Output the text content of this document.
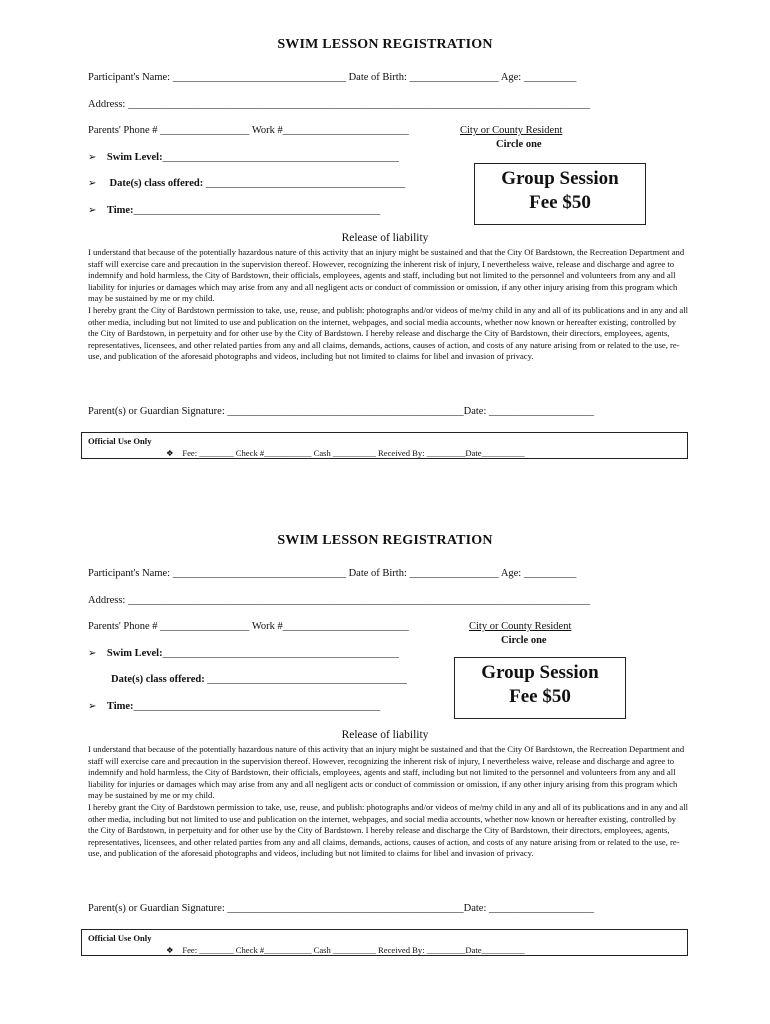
SWIM LESSON REGISTRATION
Participant's Name: _________________________________ Date of Birth: _________________ Age: __________
Address: ________________________________________________________________________________________
Parents' Phone # _________________ Work #________________________	City or County Resident
Circle one
➢ Swim Level:_____________________________________________
➢ Date(s) class offered: ______________________________________
➢ Time:_______________________________________________
Group Session
Fee $50
Release of liability

I understand that because of the potentially hazardous nature of this activity that an injury might be sustained and that the City Of Bardstown, the Recreation Department and staff will exercise care and precaution in the supervision thereof. However, recognizing the inherent risk of injury, I nevertheless waive, release and discharge and agree to indemnify and hold harmless, the City of Bardstown, their officials, employees, agents and staff, including but not limited to the personnel and volunteers from any and all liability for injuries or damages which may arise from any and all negligent acts or conduct of commission or omission, if any other injury arising from this program which may be sustained by me or my child.

I hereby grant the City of Bardstown permission to take, use, reuse, and publish: photographs and/or videos of me/my child in any and all of its publications and in any and all other media, including but not limited to use and publication on the internet, webpages, and social media accounts, whether now known or hereafter existing, controlled by the City of Bardstown, in perpetuity and for other use by the City of Bardstown. I hereby release and discharge the City of Bardstown, their directors, employees, agents, representatives, licensees, and other related parties from any and all claims, demands, actions, causes of action, and costs of any nature arising from or related to the use, re-use, and publication of the aforesaid photographs and videos, including but not limited to claims for libel and invasion of privacy.

Parent(s) or Guardian Signature: _____________________________________________Date: ____________________
Official Use Only
❖ Fee: ________ Check #___________ Cash __________ Received By: _________Date__________
SWIM LESSON REGISTRATION
Participant's Name: _________________________________ Date of Birth: _________________ Age: __________
Address: ________________________________________________________________________________________
Parents' Phone # _________________ Work #________________________	City or County Resident
Circle one
➢ Swim Level:_____________________________________________
Date(s) class offered: ______________________________________
➢ Time:_______________________________________________
Group Session
Fee $50
Release of liability

I understand that because of the potentially hazardous nature of this activity that an injury might be sustained and that the City Of Bardstown, the Recreation Department and staff will exercise care and precaution in the supervision thereof. However, recognizing the inherent risk of injury, I nevertheless waive, release and discharge and agree to indemnify and hold harmless, the City of Bardstown, their officials, employees, agents and staff, including but not limited to the personnel and volunteers from any and all liability for injuries or damages which may arise from any and all negligent acts or conduct of commission or omission, if any other injury arising from this program which may be sustained by me or my child.

I hereby grant the City of Bardstown permission to take, use, reuse, and publish: photographs and/or videos of me/my child in any and all of its publications and in any and all other media, including but not limited to use and publication on the internet, webpages, and social media accounts, whether now known or hereafter existing, controlled by the City of Bardstown, in perpetuity and for other use by the City of Bardstown. I hereby release and discharge the City of Bardstown, their directors, employees, agents, representatives, licensees, and other related parties from any and all claims, demands, actions, causes of action, and costs of any nature arising from or related to the use, re-use, and publication of the aforesaid photographs and videos, including but not limited to claims for libel and invasion of privacy.

Parent(s) or Guardian Signature: _____________________________________________Date: ____________________
Official Use Only
❖ Fee: ________ Check #___________ Cash __________ Received By: _________Date__________
